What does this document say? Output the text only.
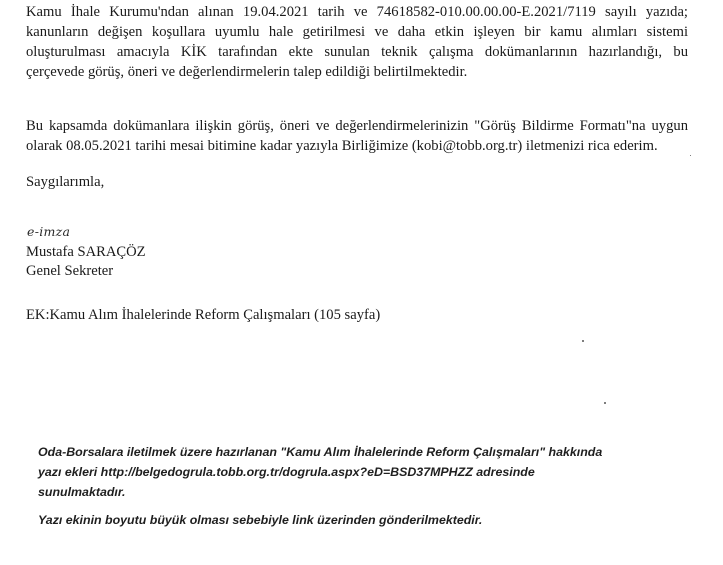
Kamu İhale Kurumu'ndan alınan 19.04.2021 tarih ve 74618582-010.00.00.00-E.2021/7119 sayılı yazıda;
kanunların değişen koşullara uyumlu hale getirilmesi ve daha etkin işleyen bir kamu alımları sistemi
oluşturulması amacıyla KİK tarafından ekte sunulan teknik çalışma dokümanlarının hazırlandığı, bu
çerçevede görüş, öneri ve değerlendirmelerin talep edildiği belirtilmektedir.
Bu kapsamda dokümanlara ilişkin görüş, öneri ve değerlendirmelerinizin "Görüş Bildirme Formatı"na uygun
olarak 08.05.2021 tarihi mesai bitimine kadar yazıyla Birliğimize (kobi@tobb.org.tr) iletmenizi rica ederim.

Saygılarımla,

e-imza

Mustafa SARAÇÖZ

Genel Sekreter

EK:Kamu Alım İhalelerinde Reform Çalışmaları (105 sayfa)

Oda-Borsalara iletilmek üzere hazırlanan "Kamu Alım İhalelerinde Reform Çalışmaları" hakkında
yazı ekleri http://belgedogrula.tobb.org.tr/dogrula.aspx?eD=BSD37MPHZZ adresinde
sunulmaktadır.

Yazı ekinin boyutu büyük olması sebebiyle link üzerinden gönderilmektedir.
